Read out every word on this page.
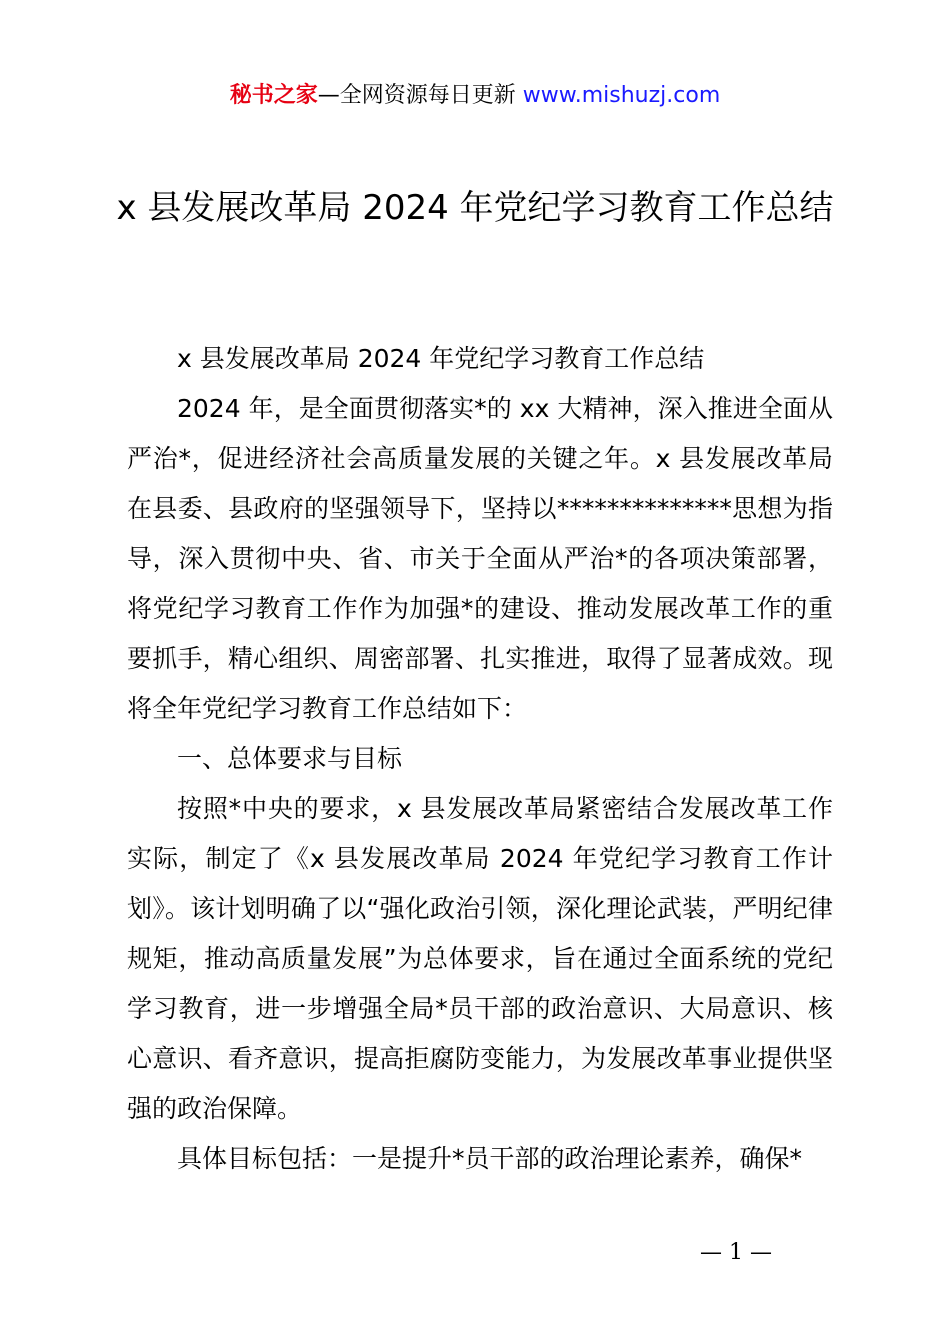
秘书之家—全网资源每日更新 www.mishuzj.com
x 县发展改革局 2024 年党纪学习教育工作总结

x 县发展改革局 2024 年党纪学习教育工作总结

2024 年，是全面贯彻落实*的 xx 大精神，深入推进全面从严治*，促进经济社会高质量发展的关键之年。x 县发展改革局在县委、县政府的坚强领导下，坚持以**************思想为指导，深入贯彻中央、省、市关于全面从严治*的各项决策部署，将党纪学习教育工作作为加强*的建设、推动发展改革工作的重要抓手，精心组织、周密部署、扎实推进，取得了显著成效。现将全年党纪学习教育工作总结如下：

一、总体要求与目标

按照*中央的要求，x 县发展改革局紧密结合发展改革工作实际，制定了《x 县发展改革局 2024 年党纪学习教育工作计划》。该计划明确了以“强化政治引领，深化理论武装，严明纪律规矩，推动高质量发展”为总体要求，旨在通过全面系统的党纪学习教育，进一步增强全局*员干部的政治意识、大局意识、核心意识、看齐意识，提高拒腐防变能力，为发展改革事业提供坚强的政治保障。

具体目标包括：一是提升*员干部的政治理论素养，确保*

— 1 —
